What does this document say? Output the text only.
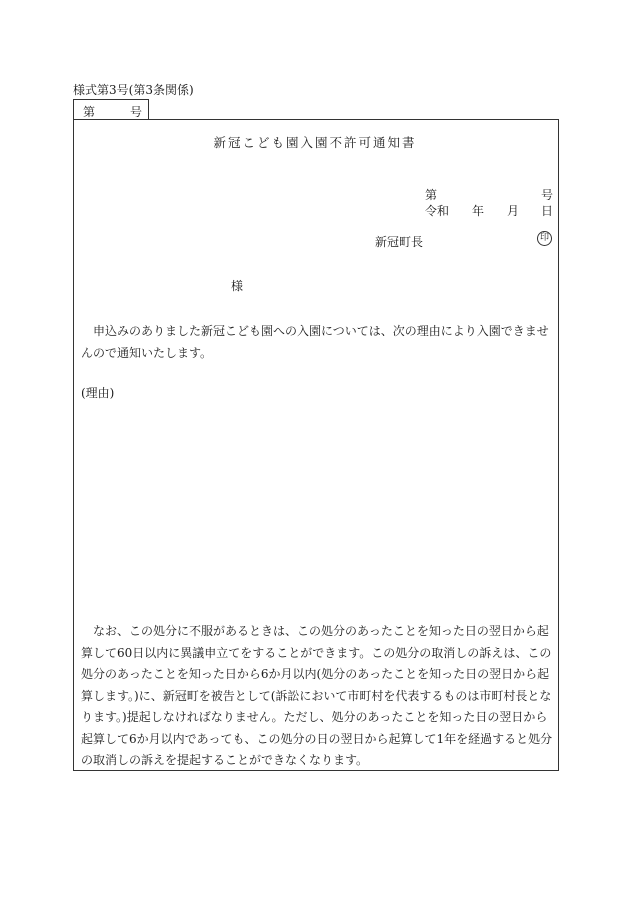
様式第3号(第3条関係)
第	号
新冠こども園入園不許可通知書
第	号
令和 年 月 日
新冠町長	印
様
申込みのありました新冠こども園への入園については、次の理由により入園できませんので通知いたします。
(理由)
なお、この処分に不服があるときは、この処分のあったことを知った日の翌日から起算して60日以内に異議申立てをすることができます。この処分の取消しの訴えは、この処分のあったことを知った日から6か月以内(処分のあったことを知った日の翌日から起算します。)に、新冠町を被告として(訴訟において市町村を代表するものは市町村長となります。)提起しなければなりません。ただし、処分のあったことを知った日の翌日から起算して6か月以内であっても、この処分の日の翌日から起算して1年を経過すると処分の取消しの訴えを提起することができなくなります。
